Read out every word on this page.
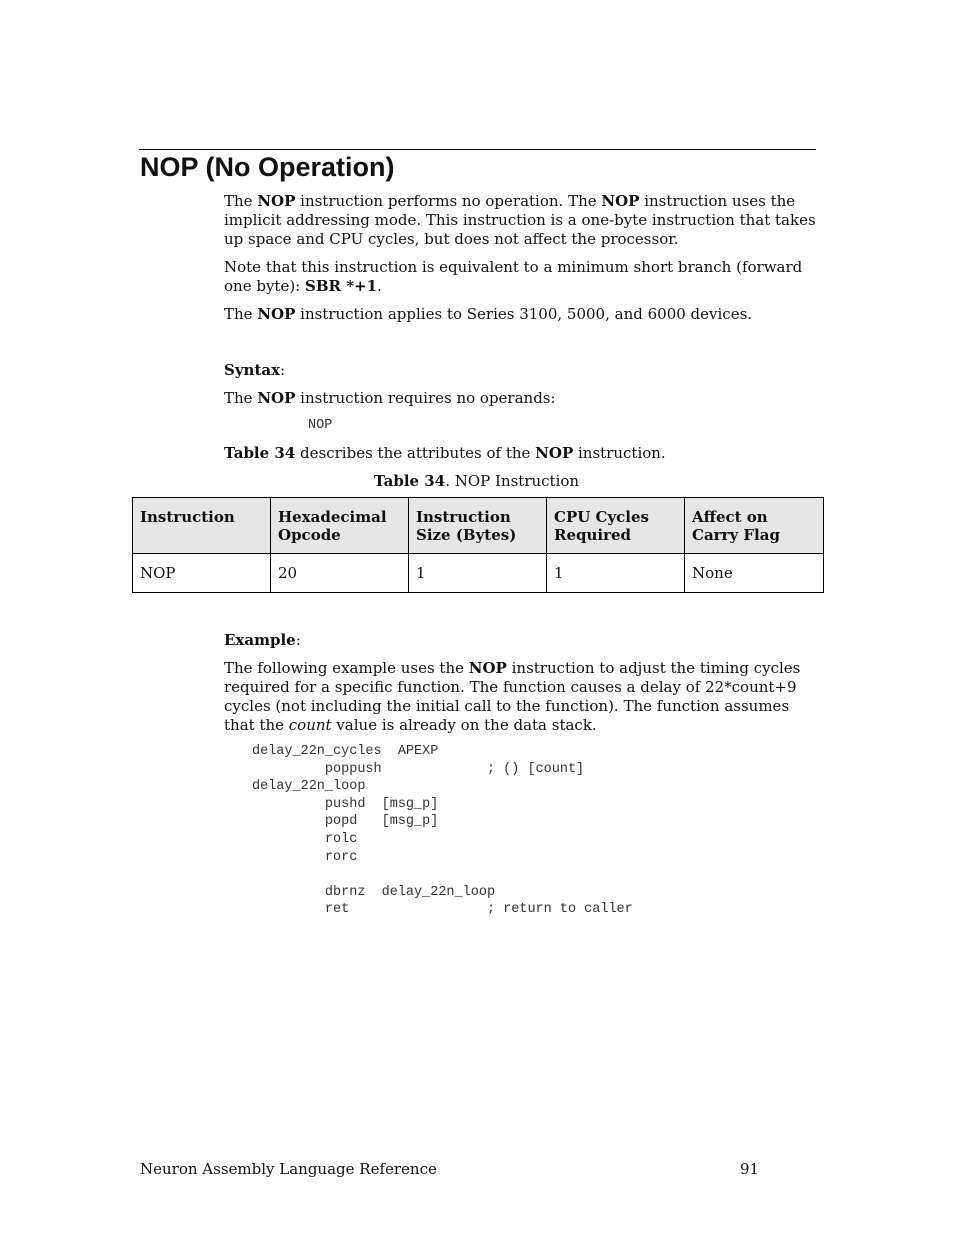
NOP (No Operation)

The NOP instruction performs no operation. The NOP instruction uses the implicit addressing mode. This instruction is a one-byte instruction that takes up space and CPU cycles, but does not affect the processor.

Note that this instruction is equivalent to a minimum short branch (forward one byte): SBR *+1.

The NOP instruction applies to Series 3100, 5000, and 6000 devices.

Syntax:

The NOP instruction requires no operands:

NOP

Table 34 describes the attributes of the NOP instruction.

Table 34. NOP Instruction

Instruction	Hexadecimal Opcode	Instruction Size (Bytes)	CPU Cycles Required	Affect on Carry Flag
NOP	20	1	1	None

Example:

The following example uses the NOP instruction to adjust the timing cycles required for a specific function. The function causes a delay of 22*count+9 cycles (not including the initial call to the function). The function assumes that the count value is already on the data stack.

delay_22n_cycles  APEXP
poppush             ; () [count]
delay_22n_loop
pushd  [msg_p]
popd   [msg_p]
rolc
rorc

dbrnz  delay_22n_loop
ret                 ; return to caller

Neuron Assembly Language Reference	91
